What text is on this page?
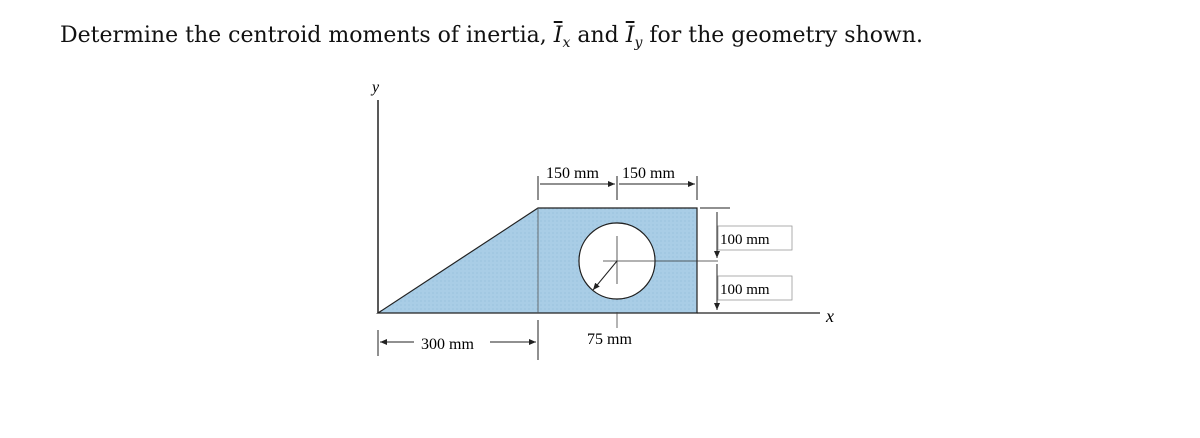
Determine the centroid moments of inertia, $\overline{I}_x$ and $\overline{I}_y$ for the geometry shown.
y
x
75 mm
150 mm 150 mm
100 mm
100 mm
300 mm
